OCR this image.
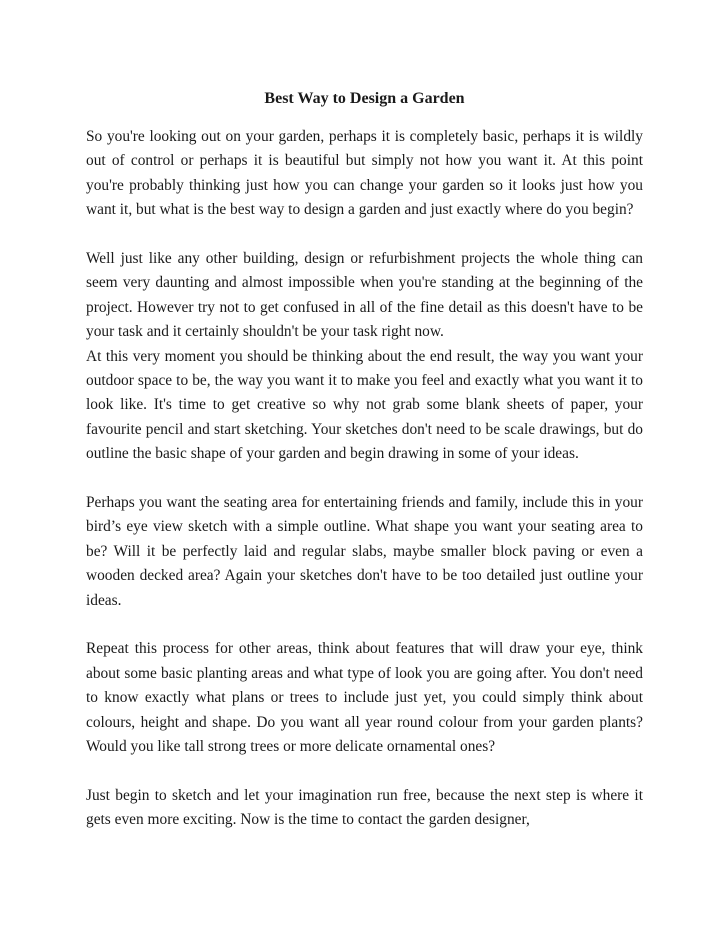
Best Way to Design a Garden

So you're looking out on your garden, perhaps it is completely basic, perhaps it is wildly out of control or perhaps it is beautiful but simply not how you want it. At this point you're probably thinking just how you can change your garden so it looks just how you want it, but what is the best way to design a garden and just exactly where do you begin?

Well just like any other building, design or refurbishment projects the whole thing can seem very daunting and almost impossible when you're standing at the beginning of the project. However try not to get confused in all of the fine detail as this doesn't have to be your task and it certainly shouldn't be your task right now.

At this very moment you should be thinking about the end result, the way you want your outdoor space to be, the way you want it to make you feel and exactly what you want it to look like. It's time to get creative so why not grab some blank sheets of paper, your favourite pencil and start sketching. Your sketches don't need to be scale drawings, but do outline the basic shape of your garden and begin drawing in some of your ideas.

Perhaps you want the seating area for entertaining friends and family, include this in your bird’s eye view sketch with a simple outline. What shape you want your seating area to be? Will it be perfectly laid and regular slabs, maybe smaller block paving or even a wooden decked area? Again your sketches don't have to be too detailed just outline your ideas.

Repeat this process for other areas, think about features that will draw your eye, think about some basic planting areas and what type of look you are going after. You don't need to know exactly what plans or trees to include just yet, you could simply think about colours, height and shape. Do you want all year round colour from your garden plants? Would you like tall strong trees or more delicate ornamental ones?

Just begin to sketch and let your imagination run free, because the next step is where it gets even more exciting. Now is the time to contact the garden designer,
